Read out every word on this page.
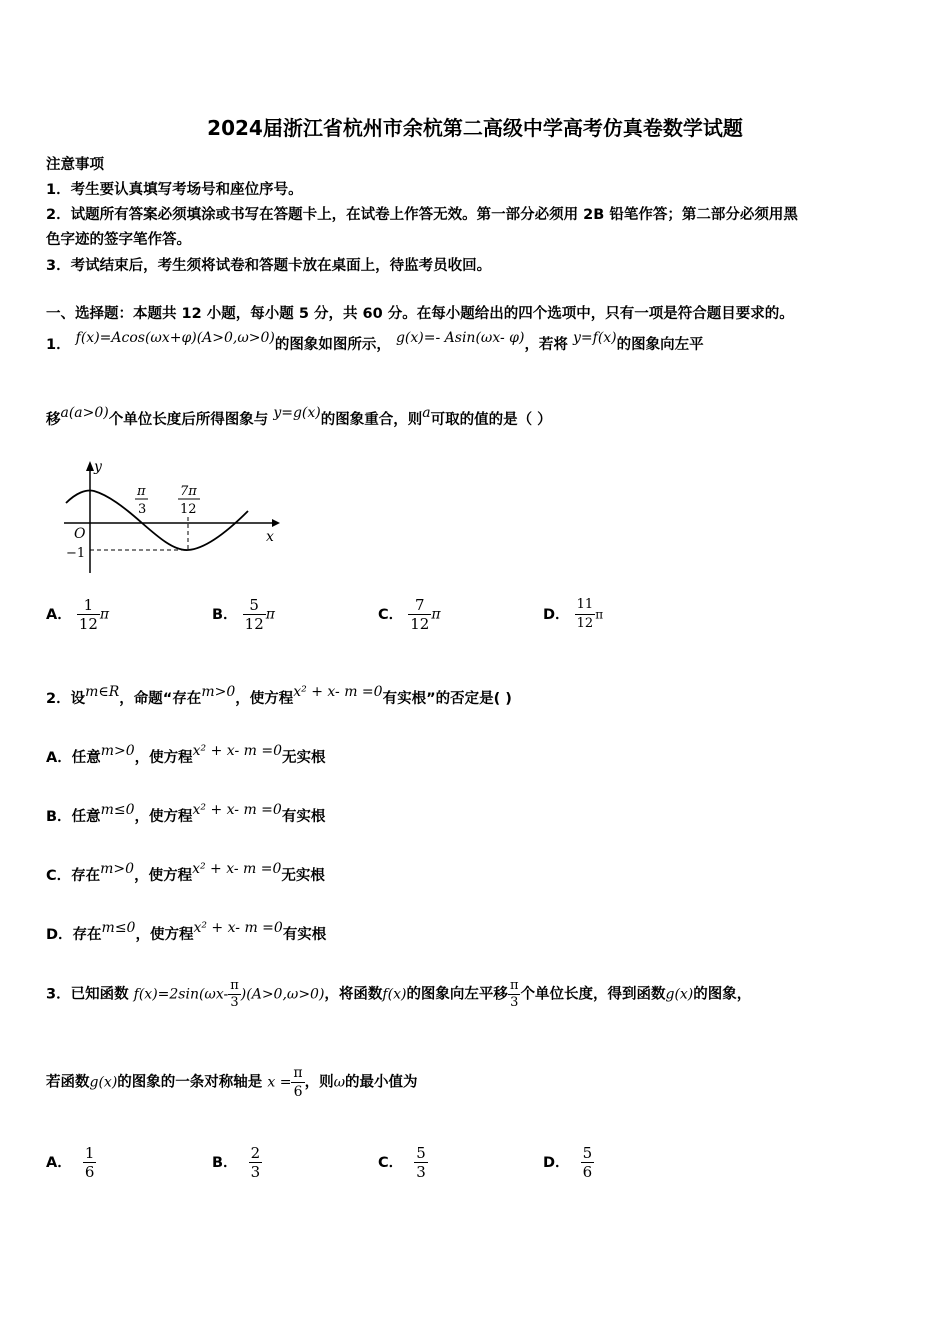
2024届浙江省杭州市余杭第二高级中学高考仿真卷数学试题
注意事项
1．考生要认真填写考场号和座位序号。
2．试题所有答案必须填涂或书写在答题卡上，在试卷上作答无效。第一部分必须用 2B 铅笔作答；第二部分必须用黑
色字迹的签字笔作答。
3．考试结束后，考生须将试卷和答题卡放在桌面上，待监考员收回。
一、选择题：本题共 12 小题，每小题 5 分，共 60 分。在每小题给出的四个选项中，只有一项是符合题目要求的。
1． f(x)=Acos(ωx+φ)(A>0,ω>0)的图象如图所示， g(x)=- Asin(ωx- φ)，若将 y=f(x)的图象向左平
移a(a>0)个单位长度后所得图象与 y=g(x)的图象重合，则a可取的值的是（ ）
y
x
O
−1
π
3
7π
12
A． $\frac{1}{12}$ π	B． $\frac{5}{12}$ π	C． $\frac{7}{12}$ π	D． $\frac{11}{12}$ π
2．设m∈R，命题“存在m>0，使方程x² + x- m =0有实根”的否定是( )
A．任意m>0，使方程x² + x- m =0无实根
B．任意m≤0，使方程x² + x- m =0有实根
C．存在m>0，使方程x² + x- m =0无实根
D．存在m≤0，使方程x² + x- m =0有实根
3．已知函数 $f(x)=2\sin(\omega x- \frac{\pi}{3} )(A>0,\omega>0)$，将函数f(x)的图象向左平移 $\frac{\pi}{3}$ 个单位长度，得到函数g(x)的图象，
若函数g(x)的图象的一条对称轴是 $x = \frac{\pi}{6}$ ，则ω的最小值为
A． $\frac{1}{6}$	B． $\frac{2}{3}$	C． $\frac{5}{3}$	D． $\frac{5}{6}$
